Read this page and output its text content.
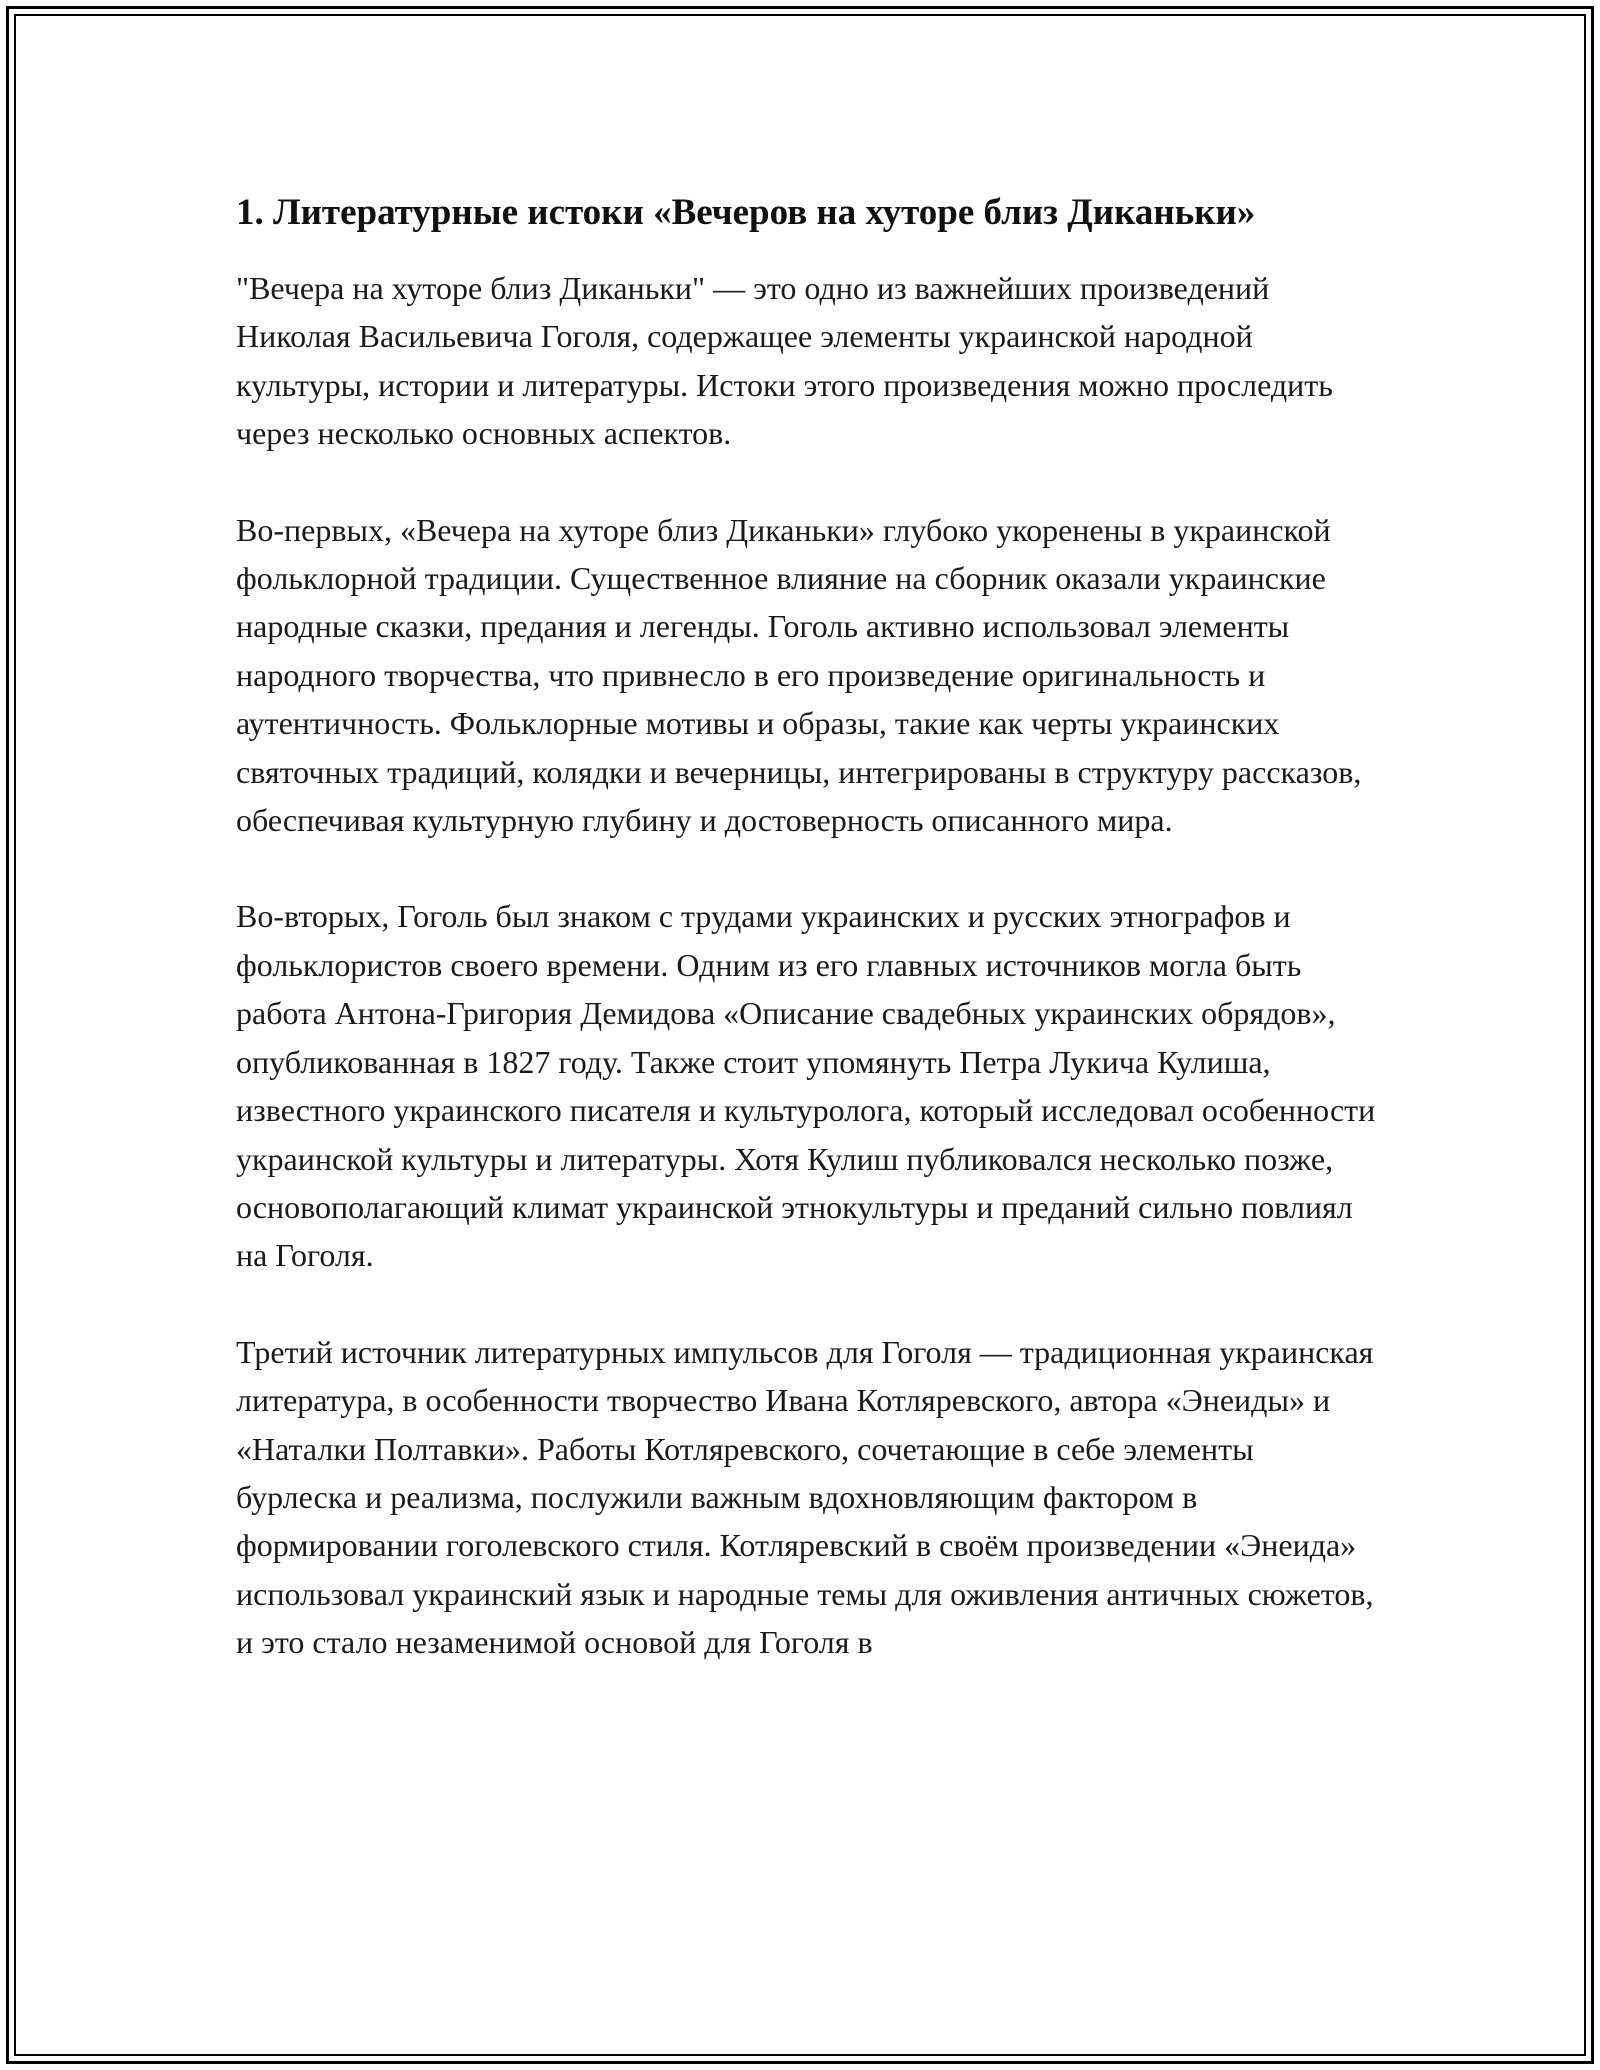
1. Литературные истоки «Вечеров на хуторе близ Диканьки»

"Вечера на хуторе близ Диканьки" — это одно из важнейших произведений Николая Васильевича Гоголя, содержащее элементы украинской народной культуры, истории и литературы. Истоки этого произведения можно проследить через несколько основных аспектов.

Во-первых, «Вечера на хуторе близ Диканьки» глубоко укоренены в украинской фольклорной традиции. Существенное влияние на сборник оказали украинские народные сказки, предания и легенды. Гоголь активно использовал элементы народного творчества, что привнесло в его произведение оригинальность и аутентичность. Фольклорные мотивы и образы, такие как черты украинских святочных традиций, колядки и вечерницы, интегрированы в структуру рассказов, обеспечивая культурную глубину и достоверность описанного мира.

Во-вторых, Гоголь был знаком с трудами украинских и русских этнографов и фольклористов своего времени. Одним из его главных источников могла быть работа Антона-Григория Демидова «Описание свадебных украинских обрядов», опубликованная в 1827 году. Также стоит упомянуть Петра Лукича Кулиша, известного украинского писателя и культуролога, который исследовал особенности украинской культуры и литературы. Хотя Кулиш публиковался несколько позже, основополагающий климат украинской этнокультуры и преданий сильно повлиял на Гоголя.

Третий источник литературных импульсов для Гоголя — традиционная украинская литература, в особенности творчество Ивана Котляревского, автора «Энеиды» и «Наталки Полтавки». Работы Котляревского, сочетающие в себе элементы бурлеска и реализма, послужили важным вдохновляющим фактором в формировании гоголевского стиля. Котляревский в своём произведении «Энеида» использовал украинский язык и народные темы для оживления античных сюжетов, и это стало незаменимой основой для Гоголя в
